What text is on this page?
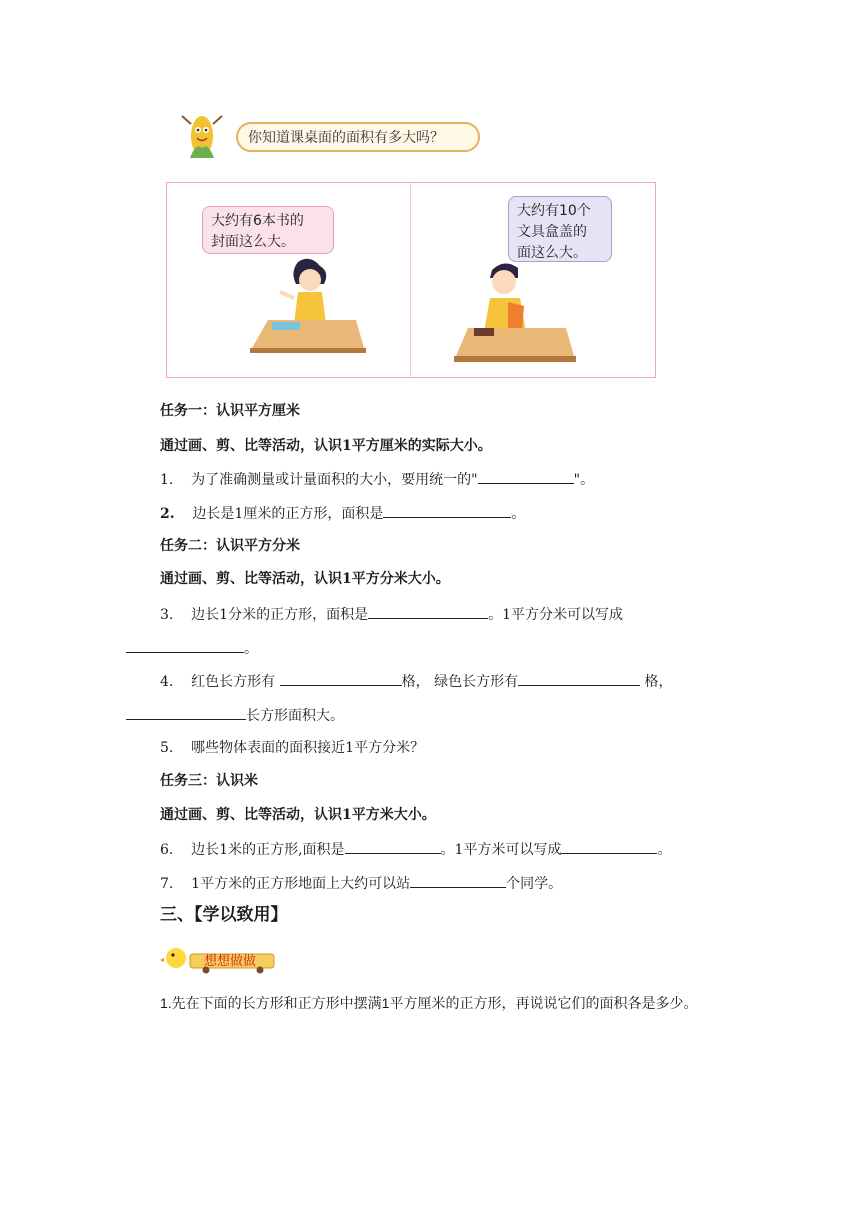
你知道课桌面的面积有多大吗？
大约有6本书的
封面这么大。
大约有10个
文具盒盖的
面这么大。
任务一：认识平方厘米
通过画、剪、比等活动，认识1平方厘米的实际大小。
1. 为了准确测量或计量面积的大小，要用统一的"	"。
2. 边长是1厘米的正方形，面积是	。
任务二：认识平方分米
通过画、剪、比等活动，认识1平方分米大小。
3. 边长1分米的正方形，面积是	。1平方分米可以写成
。
4. 红色长方形有	格， 绿色长方形有	格，
长方形面积大。
5. 哪些物体表面的面积接近1平方分米？
任务三：认识米
通过画、剪、比等活动，认识1平方米大小。
6. 边长1米的正方形,面积是	。1平方米可以写成	。
7. 1平方米的正方形地面上大约可以站	个同学。
三、【学以致用】
想想做做
1.先在下面的长方形和正方形中摆满1平方厘米的正方形，再说说它们的面积各是多少。
